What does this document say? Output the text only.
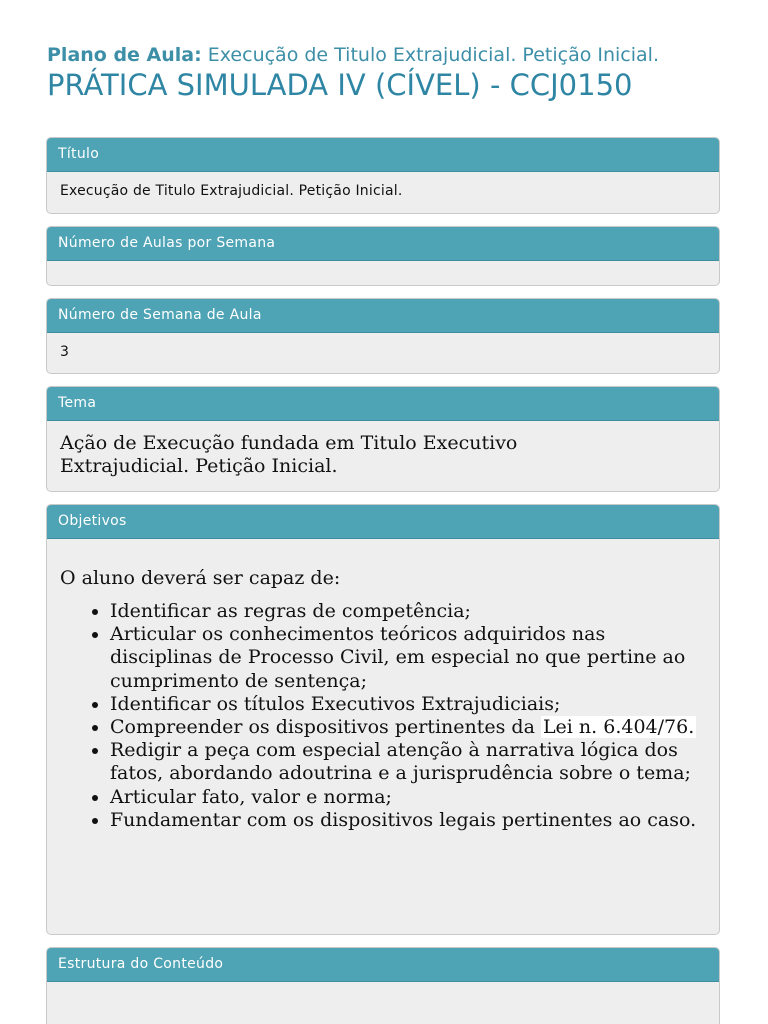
Plano de Aula: Execução de Titulo Extrajudicial. Petição Inicial.
PRÁTICA SIMULADA IV (CÍVEL) - CCJ0150
Título
Execução de Titulo Extrajudicial. Petição Inicial.
Número de Aulas por Semana
Número de Semana de Aula
3
Tema
Ação de Execução fundada em Titulo Executivo Extrajudicial. Petição Inicial.
Objetivos
O aluno deverá ser capaz de:
• Identificar as regras de competência;
• Articular os conhecimentos teóricos adquiridos nas disciplinas de Processo Civil, em especial no que pertine ao cumprimento de sentença;
• Identificar os títulos Executivos Extrajudiciais;
• Compreender os dispositivos pertinentes da Lei n. 6.404/76.
• Redigir a peça com especial atenção à narrativa lógica dos fatos, abordando adoutrina e a jurisprudência sobre o tema;
• Articular fato, valor e norma;
• Fundamentar com os dispositivos legais pertinentes ao caso.
Estrutura do Conteúdo
